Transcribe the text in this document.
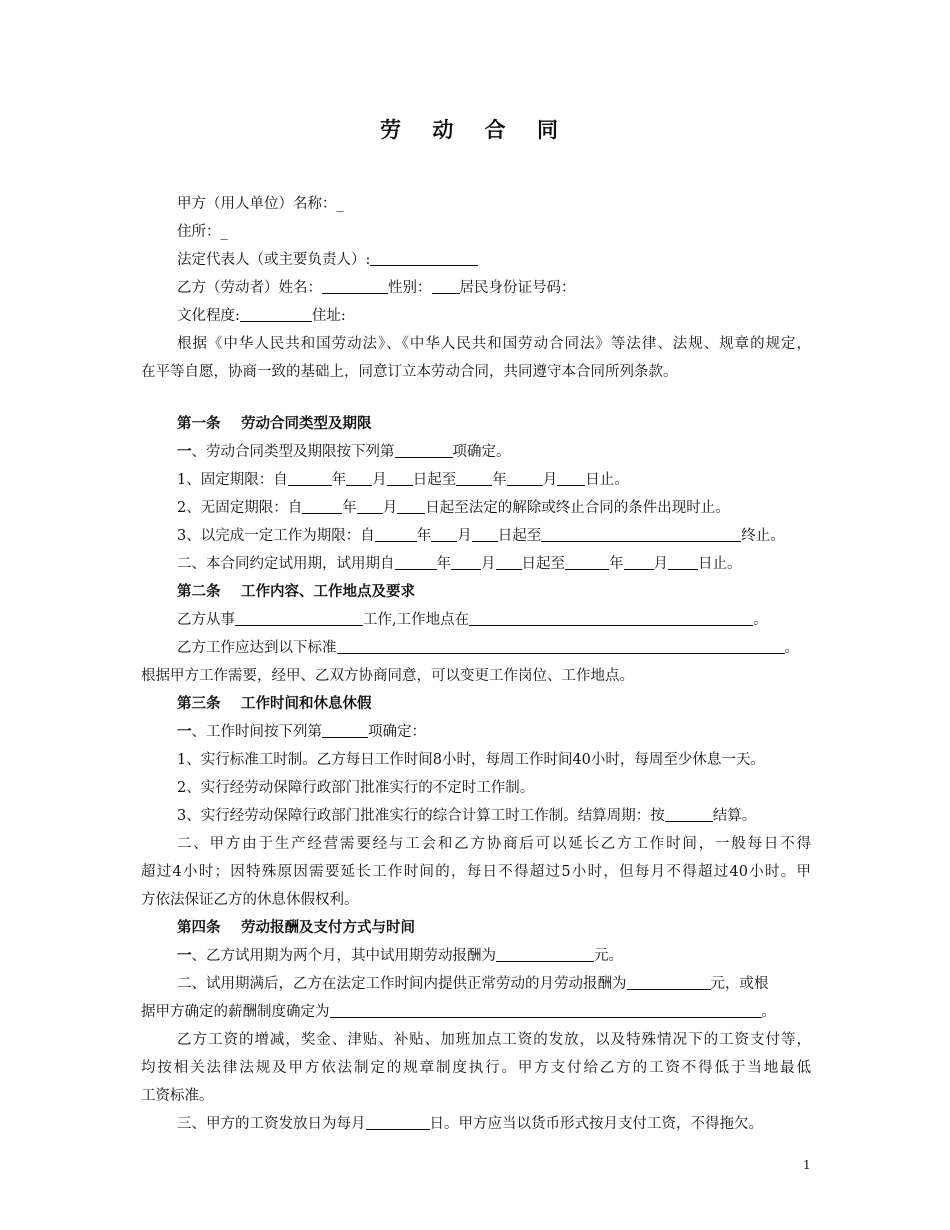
劳 动 合 同

甲方（用人单位）名称：_

住所：_

法定代表人（或主要负责人）:

乙方（劳动者）姓名：	性别： 居民身份证号码：

文化程度:	住址:

根据《中华人民共和国劳动法》、《中华人民共和国劳动合同法》等法律、法规、规章的规定，

在平等自愿，协商一致的基础上，同意订立本劳动合同，共同遵守本合同所列条款。

第一条 劳动合同类型及期限

一、劳动合同类型及期限按下列第	项确定。

1、固定期限：自	年 月 日起至 年 月 日止。

2、无固定期限：自	年 月 日起至法定的解除或终止合同的条件出现时止。

3、以完成一定工作为期限：自	年 月 日起至	终止。

二、本合同约定试用期，试用期自	年 月 日起至	年 月 日止。

第二条 工作内容、工作地点及要求

乙方从事	工作,工作地点在	。

乙方工作应达到以下标准	。

根据甲方工作需要，经甲、乙双方协商同意，可以变更工作岗位、工作地点。

第三条 工作时间和休息休假

一、工作时间按下列第	项确定：

1、实行标准工时制。乙方每日工作时间8小时，每周工作时间40小时，每周至少休息一天。

2、实行经劳动保障行政部门批准实行的不定时工作制。

3、实行经劳动保障行政部门批准实行的综合计算工时工作制。结算周期：按	结算。

二、甲方由于生产经营需要经与工会和乙方协商后可以延长乙方工作时间，一般每日不得

超过4小时；因特殊原因需要延长工作时间的，每日不得超过5小时，但每月不得超过40小时。甲

方依法保证乙方的休息休假权利。

第四条 劳动报酬及支付方式与时间

一、乙方试用期为两个月，其中试用期劳动报酬为	元。

二、试用期满后，乙方在法定工作时间内提供正常劳动的月劳动报酬为	元，或根

据甲方确定的薪酬制度确定为	。

乙方工资的增减，奖金、津贴、补贴、加班加点工资的发放，以及特殊情况下的工资支付等，

均按相关法律法规及甲方依法制定的规章制度执行。甲方支付给乙方的工资不得低于当地最低

工资标准。

三、甲方的工资发放日为每月	日。甲方应当以货币形式按月支付工资，不得拖欠。

1
